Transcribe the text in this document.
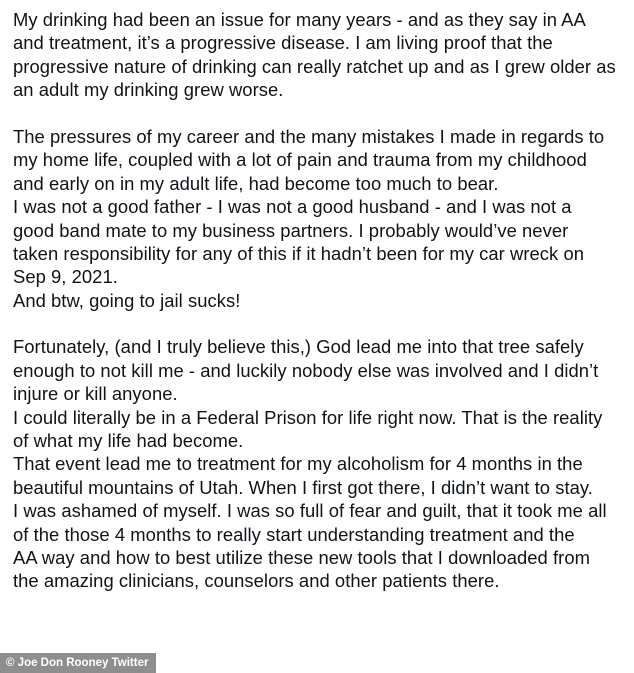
My drinking had been an issue for many years - and as they say in AA
and treatment, it’s a progressive disease. I am living proof that the
progressive nature of drinking can really ratchet up and as I grew older as
an adult my drinking grew worse.
The pressures of my career and the many mistakes I made in regards to
my home life, coupled with a lot of pain and trauma from my childhood
and early on in my adult life, had become too much to bear.
I was not a good father - I was not a good husband - and I was not a
good band mate to my business partners. I probably would’ve never
taken responsibility for any of this if it hadn’t been for my car wreck on
Sep 9, 2021.
And btw, going to jail sucks!
Fortunately, (and I truly believe this,) God lead me into that tree safely
enough to not kill me - and luckily nobody else was involved and I didn’t
injure or kill anyone.
I could literally be in a Federal Prison for life right now. That is the reality
of what my life had become.
That event lead me to treatment for my alcoholism for 4 months in the
beautiful mountains of Utah. When I first got there, I didn’t want to stay.
I was ashamed of myself. I was so full of fear and guilt, that it took me all
of the those 4 months to really start understanding treatment and the
AA way and how to best utilize these new tools that I downloaded from
the amazing clinicians, counselors and other patients there.
© Joe Don Rooney Twitter
